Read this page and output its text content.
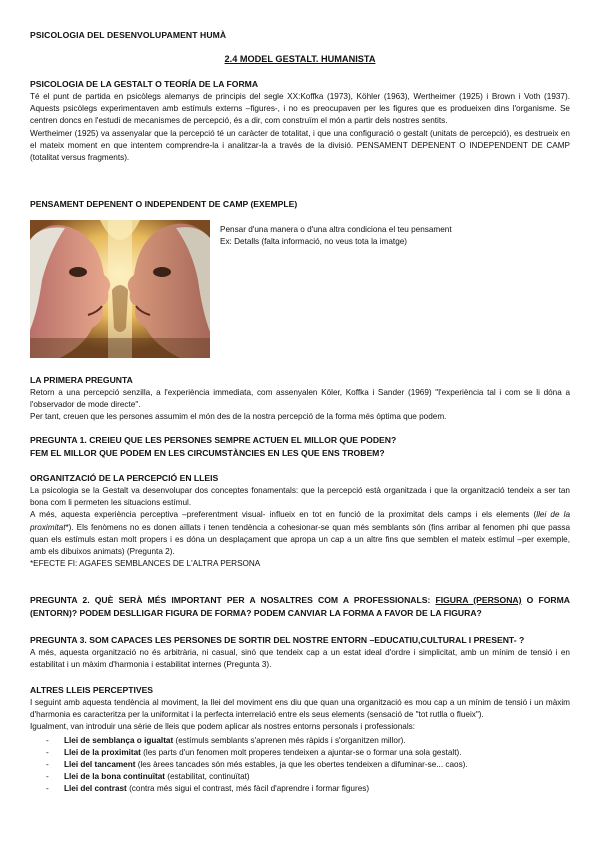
PSICOLOGIA DEL DESENVOLUPAMENT HUMÀ
2.4 MODEL GESTALT. HUMANISTA
PSICOLOGIA DE LA GESTALT O TEORÍA DE LA FORMA

Té el punt de partida en psicòlegs alemanys de principis del segle XX:Koffka (1973), Köhler (1963), Wertheimer (1925) i Brown i Voth (1937). Aquests psicòlegs experimentaven amb estímuls externs –figures-, i no es preocupaven per les figures que es produeixen dins l'organisme. Se centren doncs en l'estudi de mecanismes de percepció, és a dir, com construïm el món a partir dels nostres sentits.

Wertheimer (1925) va assenyalar que la percepció té un caràcter de totalitat, i que una configuració o gestalt (unitats de percepció), es destrueix en el mateix moment en que intentem comprendre-la i analitzar-la a través de la divisió. PENSAMENT DEPENENT O INDEPENDENT DE CAMP (totalitat versus fragments).

PENSAMENT DEPENENT O INDEPENDENT DE CAMP (EXEMPLE)

Pensar d'una manera o d'una altra condiciona el teu pensament

Ex: Detalls (falta informació, no veus tota la imatge)

LA PRIMERA PREGUNTA

Retorn a una percepció senzilla, a l'experiència immediata, com assenyalen Köler, Koffka i Sander (1969) "l'experiència tal i com se li dóna a l'observador de mode directe".

Per tant, creuen que les persones assumim el món des de la nostra percepció de la forma més òptima que podem.

PREGUNTA 1. CREIEU QUE LES PERSONES SEMPRE ACTUEN EL MILLOR QUE PODEN?

FEM EL MILLOR QUE PODEM EN LES CIRCUMSTÀNCIES EN LES QUE ENS TROBEM?

ORGANITZACIÓ DE LA PERCEPCIÓ EN LLEIS

La psicologia se la Gestalt va desenvolupar dos conceptes fonamentals: que la percepció està organitzada i que la organització tendeix a ser tan bona com li permeten les situacions estímul.

A més, aquesta experiència perceptiva –preferentment visual- influeix en tot en funció de la proximitat dels camps i els elements (llei de la proximitat*). Els fenòmens no es donen aïllats i tenen tendència a cohesionar-se quan més semblants són (fins arribar al fenomen phi que passa quan els estímuls estan molt propers i es dóna un desplaçament que apropa un cap a un altre fins que semblen el mateix estímul –per exemple, amb els dibuixos animats) (Pregunta 2).

*EFECTE FI: AGAFES SEMBLANCES DE L'ALTRA PERSONA

PREGUNTA 2. QUÈ SERÀ MÉS IMPORTANT PER A NOSALTRES COM A PROFESSIONALS: FIGURA (PERSONA) O FORMA (ENTORN)? PODEM DESLLIGAR FIGURA DE FORMA? PODEM CANVIAR LA FORMA A FAVOR DE LA FIGURA?

PREGUNTA 3. SOM CAPACES LES PERSONES DE SORTIR DEL NOSTRE ENTORN –EDUCATIU,CULTURAL I PRESENT- ?

A més, aquesta organització no és arbitrària, ni casual, sinó que tendeix cap a un estat ideal d'ordre i simplicitat, amb un mínim de tensió i en estabilitat i un màxim d'harmonia i estabilitat internes (Pregunta 3).

ALTRES LLEIS PERCEPTIVES

I seguint amb aquesta tendència al moviment, la llei del moviment ens diu que quan una organització es mou cap a un mínim de tensió i un màxim d'harmonia es caracteritza per la uniformitat i la perfecta interrelació entre els seus elements (sensació de "tot rutlla o flueix").

Igualment, van introduir una sèrie de lleis que podem aplicar als nostres entorns personals i professionals:

- Llei de semblança o igualtat (estímuls semblants s'aprenen més ràpids i s'organitzen millor).
- Llei de la proximitat (les parts d'un fenomen molt properes tendeixen a ajuntar-se o formar una sola gestalt).
- Llei del tancament (les àrees tancades són més estables, ja que les obertes tendeixen a difuminar-se... caos).
- Llei de la bona continuïtat (estabilitat, continuïtat)
- Llei del contrast (contra més sigui el contrast, més fàcil d'aprendre i formar figures)
